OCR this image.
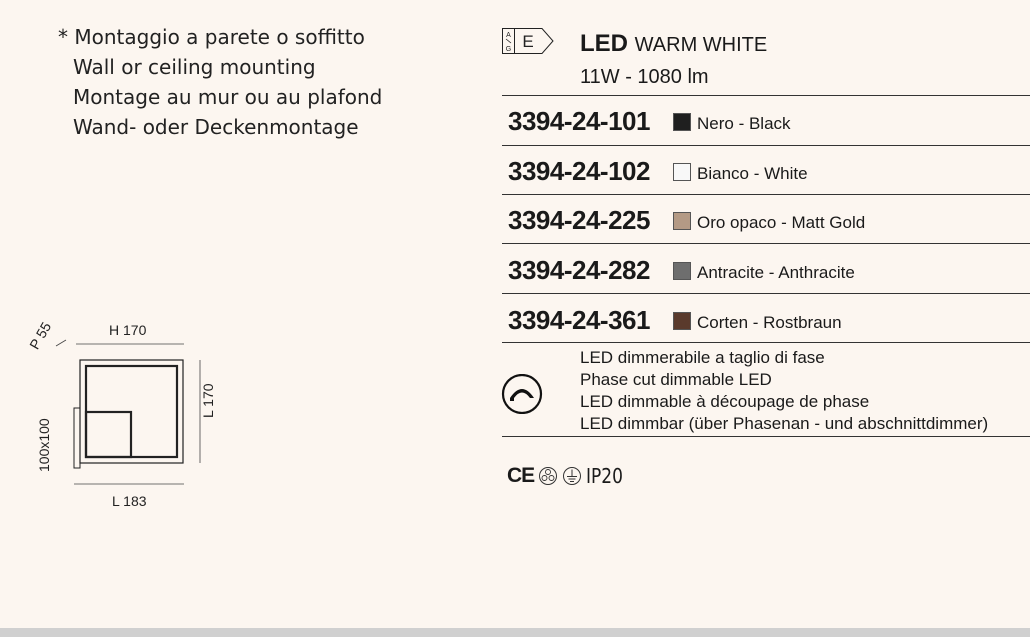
* Montaggio a parete o soffitto
Wall or ceiling mounting
Montage au mur ou au plafond
Wand- oder Deckenmontage
A
G E LED WARM WHITE
11W - 1080 lm
3394-24-101	Nero - Black
3394-24-102	Bianco - White
3394-24-225	Oro opaco - Matt Gold
3394-24-282	Antracite - Anthracite
3394-24-361	Corten - Rostbraun
LED dimmerabile a taglio di fase
Phase cut dimmable LED
LED dimmable à découpage de phase
LED dimmbar (über Phasenan - und abschnittdimmer)
CE	IP20
H 170
P 55
L 170
100x100
L 183
